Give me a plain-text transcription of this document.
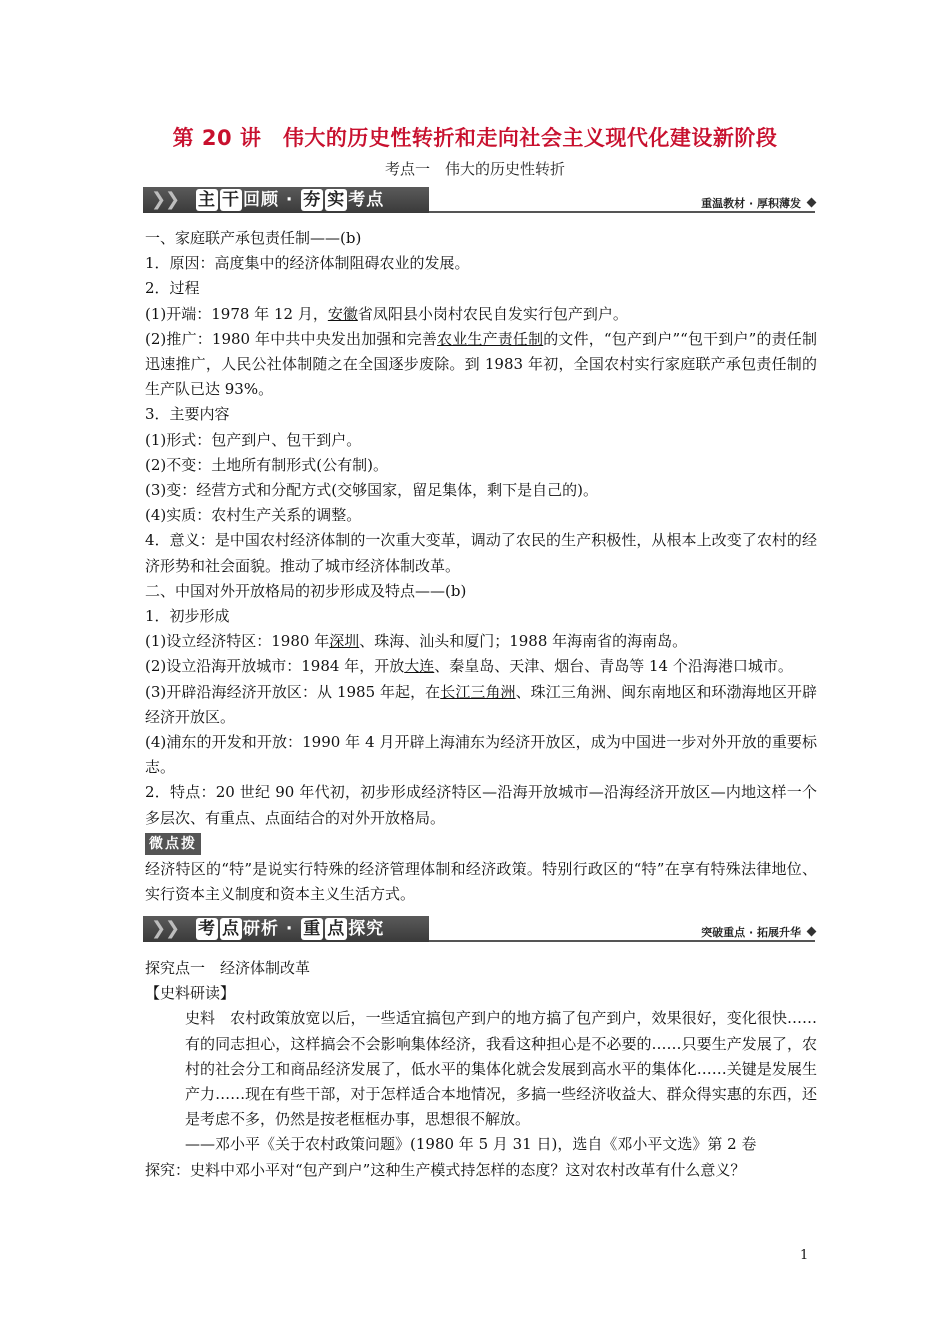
第 20 讲　伟大的历史性转折和走向社会主义现代化建设新阶段
考点一　伟大的历史性转折
❯
❯ 主 干 回顾 · 夯 实 考点	重温教材 · 厚积薄发

一、家庭联产承包责任制——(b)

1．原因：高度集中的经济体制阻碍农业的发展。

2．过程

(1)开端：1978 年 12 月，安徽省凤阳县小岗村农民自发实行包产到户。

(2)推广：1980 年中共中央发出加强和完善农业生产责任制的文件，“包产到户”“包干到户”的责任制迅速推广，人民公社体制随之在全国逐步废除。到 1983 年初，全国农村实行家庭联产承包责任制的生产队已达 93%。

3．主要内容

(1)形式：包产到户、包干到户。

(2)不变：土地所有制形式(公有制)。

(3)变：经营方式和分配方式(交够国家，留足集体，剩下是自己的)。

(4)实质：农村生产关系的调整。

4．意义：是中国农村经济体制的一次重大变革，调动了农民的生产积极性，从根本上改变了农村的经济形势和社会面貌。推动了城市经济体制改革。

二、中国对外开放格局的初步形成及特点——(b)

1．初步形成

(1)设立经济特区：1980 年深圳、珠海、汕头和厦门；1988 年海南省的海南岛。

(2)设立沿海开放城市：1984 年，开放大连、秦皇岛、天津、烟台、青岛等 14 个沿海港口城市。

(3)开辟沿海经济开放区：从 1985 年起，在长江三角洲、珠江三角洲、闽东南地区和环渤海地区开辟经济开放区。

(4)浦东的开发和开放：1990 年 4 月开辟上海浦东为经济开放区，成为中国进一步对外开放的重要标志。

2．特点：20 世纪 90 年代初，初步形成经济特区—沿海开放城市—沿海经济开放区—内地这样一个多层次、有重点、点面结合的对外开放格局。

微点拨

经济特区的“特”是说实行特殊的经济管理体制和经济政策。特别行政区的“特”在享有特殊法律地位、实行资本主义制度和资本主义生活方式。

❯
❯ 考 点 研析 · 重 点 探究	突破重点 · 拓展升华

探究点一　经济体制改革

【史料研读】

史料　农村政策放宽以后，一些适宜搞包产到户的地方搞了包产到户，效果很好，变化很快……有的同志担心，这样搞会不会影响集体经济，我看这种担心是不必要的……只要生产发展了，农村的社会分工和商品经济发展了，低水平的集体化就会发展到高水平的集体化……关键是发展生产力……现在有些干部，对于怎样适合本地情况，多搞一些经济收益大、群众得实惠的东西，还是考虑不多，仍然是按老框框办事，思想很不解放。

——邓小平《关于农村政策问题》(1980 年 5 月 31 日)，选自《邓小平文选》第 2 卷

探究：史料中邓小平对“包产到户”这种生产模式持怎样的态度？这对农村改革有什么意义？

1
